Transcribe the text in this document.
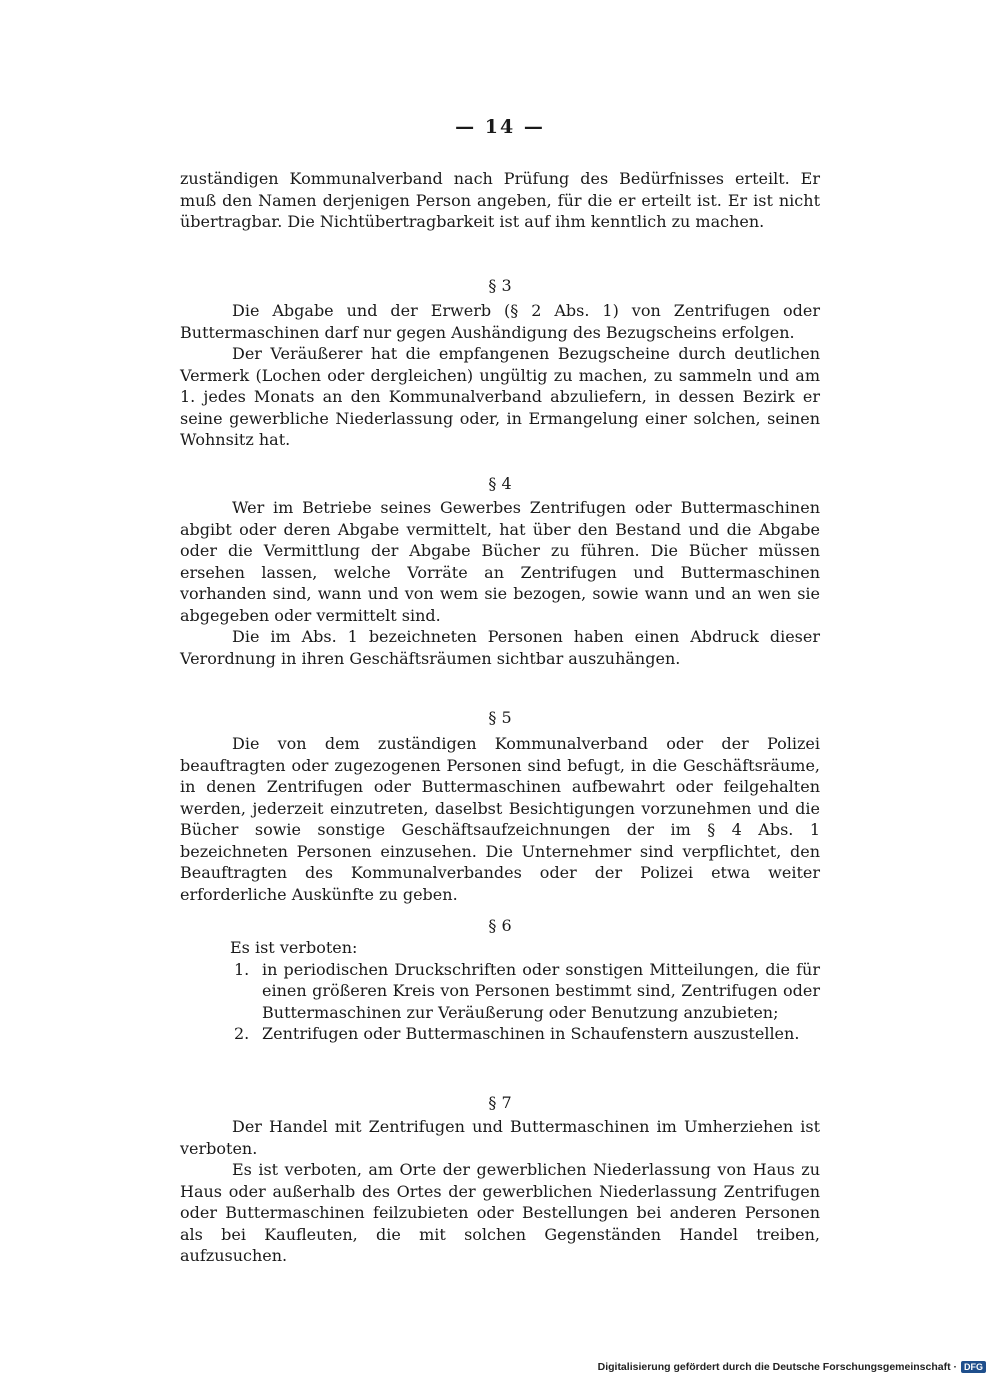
— 14 —

zuständigen Kommunalverband nach Prüfung des Bedürfnisses erteilt. Er muß den Namen derjenigen Person angeben, für die er erteilt ist. Er ist nicht übertragbar. Die Nichtübertragbarkeit ist auf ihm kenntlich zu machen.

§ 3

Die Abgabe und der Erwerb (§ 2 Abs. 1) von Zentrifugen oder Buttermaschinen darf nur gegen Aushändigung des Bezugscheins erfolgen.

Der Veräußerer hat die empfangenen Bezugscheine durch deutlichen Vermerk (Lochen oder dergleichen) ungültig zu machen, zu sammeln und am 1. jedes Monats an den Kommunalverband abzuliefern, in dessen Bezirk er seine gewerbliche Niederlassung oder, in Ermangelung einer solchen, seinen Wohnsitz hat.

§ 4

Wer im Betriebe seines Gewerbes Zentrifugen oder Buttermaschinen abgibt oder deren Abgabe vermittelt, hat über den Bestand und die Abgabe oder die Vermittlung der Abgabe Bücher zu führen. Die Bücher müssen ersehen lassen, welche Vorräte an Zentrifugen und Buttermaschinen vorhanden sind, wann und von wem sie bezogen, sowie wann und an wen sie abgegeben oder vermittelt sind.

Die im Abs. 1 bezeichneten Personen haben einen Abdruck dieser Verordnung in ihren Geschäftsräumen sichtbar auszuhängen.

§ 5

Die von dem zuständigen Kommunalverband oder der Polizei beauftragten oder zugezogenen Personen sind befugt, in die Geschäftsräume, in denen Zentrifugen oder Buttermaschinen aufbewahrt oder feilgehalten werden, jederzeit einzutreten, daselbst Besichtigungen vorzunehmen und die Bücher sowie sonstige Geschäftsaufzeichnungen der im § 4 Abs. 1 bezeichneten Personen einzusehen. Die Unternehmer sind verpflichtet, den Beauftragten des Kommunalverbandes oder der Polizei etwa weiter erforderliche Auskünfte zu geben.

§ 6

Es ist verboten:

1. in periodischen Druckschriften oder sonstigen Mitteilungen, die für einen größeren Kreis von Personen bestimmt sind, Zentrifugen oder Buttermaschinen zur Veräußerung oder Benutzung anzubieten;
2. Zentrifugen oder Buttermaschinen in Schaufenstern auszustellen.
§ 7

Der Handel mit Zentrifugen und Buttermaschinen im Umherziehen ist verboten.

Es ist verboten, am Orte der gewerblichen Niederlassung von Haus zu Haus oder außerhalb des Ortes der gewerblichen Niederlassung Zentrifugen oder Buttermaschinen feilzubieten oder Bestellungen bei anderen Personen als bei Kaufleuten, die mit solchen Gegenständen Handel treiben, aufzusuchen.

Digitalisierung gefördert durch die Deutsche Forschungsgemeinschaft · DFG
